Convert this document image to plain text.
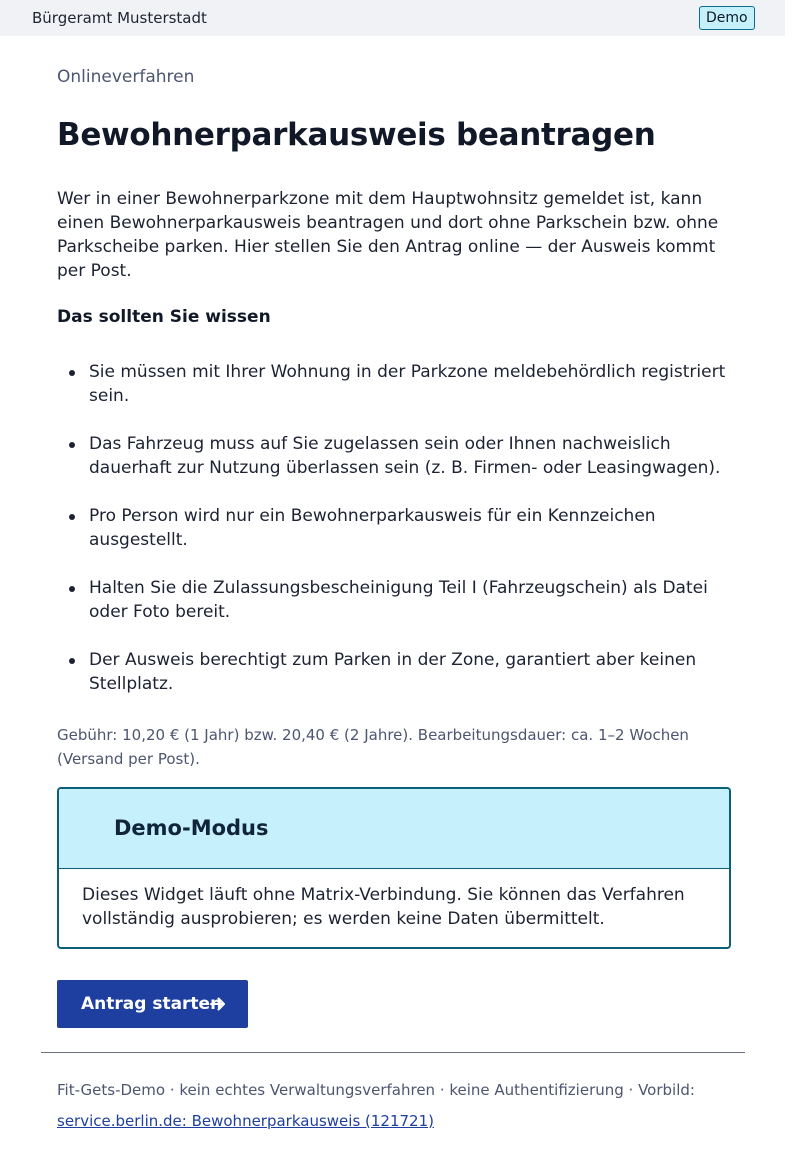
Bürgeramt Musterstadt	Demo
Onlineverfahren
Bewohnerparkausweis beantragen

Wer in einer Bewohnerparkzone mit dem Hauptwohnsitz gemeldet ist, kann einen Bewohnerparkausweis beantragen und dort ohne Parkschein bzw. ohne Parkscheibe parken. Hier stellen Sie den Antrag online — der Ausweis kommt per Post.

Das sollten Sie wissen
Sie müssen mit Ihrer Wohnung in der Parkzone meldebehördlich registriert sein.
Das Fahrzeug muss auf Sie zugelassen sein oder Ihnen nachweislich dauerhaft zur Nutzung überlassen sein (z. B. Firmen- oder Leasingwagen).
Pro Person wird nur ein Bewohnerparkausweis für ein Kennzeichen ausgestellt.
Halten Sie die Zulassungsbescheinigung Teil I (Fahrzeugschein) als Datei oder Foto bereit.
Der Ausweis berechtigt zum Parken in der Zone, garantiert aber keinen Stellplatz.

Gebühr: 10,20 € (1 Jahr) bzw. 20,40 € (2 Jahre). Bearbeitungsdauer: ca. 1–2 Wochen (Versand per Post).

Demo-Modus

Dieses Widget läuft ohne Matrix-Verbindung. Sie können das Verfahren vollständig ausprobieren; es werden keine Daten übermittelt.

Antrag starten
Fit-Gets-Demo · kein echtes Verwaltungsverfahren · keine Authentifizierung · Vorbild:
service.berlin.de: Bewohnerparkausweis (121721)
